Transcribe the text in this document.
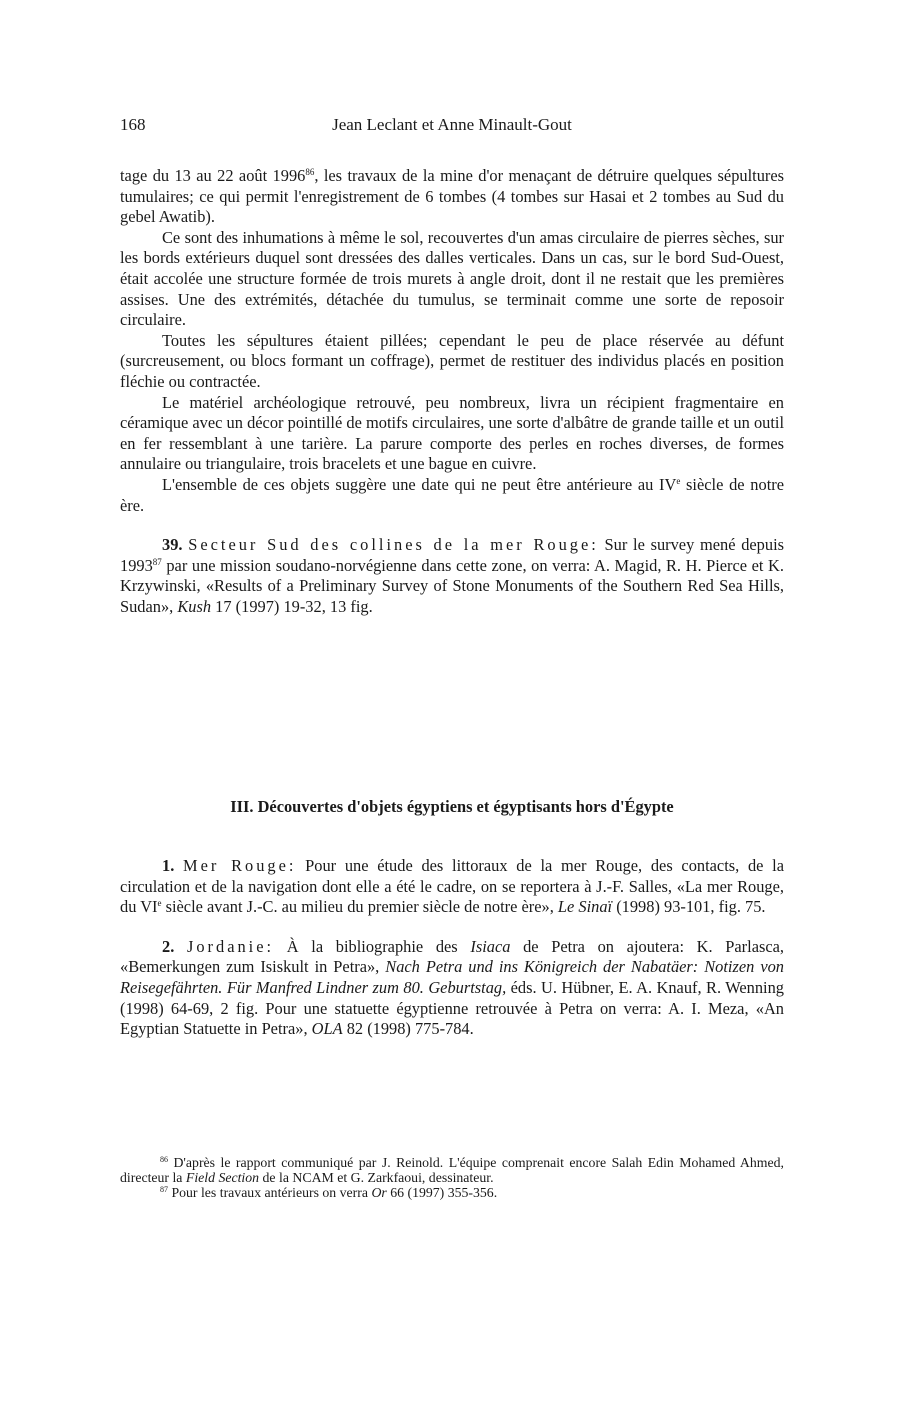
168	Jean Leclant et Anne Minault-Gout

tage du 13 au 22 août 1996$^{86}$, les travaux de la mine d'or menaçant de détruire quelques sépultures tumulaires; ce qui permit l'enregistrement de 6 tombes (4 tombes sur Hasai et 2 tombes au Sud du gebel Awatib).

Ce sont des inhumations à même le sol, recouvertes d'un amas circulaire de pierres sèches, sur les bords extérieurs duquel sont dressées des dalles verticales. Dans un cas, sur le bord Sud-Ouest, était accolée une structure formée de trois murets à angle droit, dont il ne restait que les premières assises. Une des extrémités, détachée du tumulus, se terminait comme une sorte de reposoir circulaire.

Toutes les sépultures étaient pillées; cependant le peu de place réservée au défunt (surcreusement, ou blocs formant un coffrage), permet de restituer des individus placés en position fléchie ou contractée.

Le matériel archéologique retrouvé, peu nombreux, livra un récipient fragmentaire en céramique avec un décor pointillé de motifs circulaires, une sorte d'albâtre de grande taille et un outil en fer ressemblant à une tarière. La parure comporte des perles en roches diverses, de formes annulaire ou triangulaire, trois bracelets et une bague en cuivre.

L'ensemble de ces objets suggère une date qui ne peut être antérieure au IVe siècle de notre ère.

39. Secteur Sud des collines de la mer Rouge: Sur le survey mené depuis 1993$^{87}$ par une mission soudano-norvégienne dans cette zone, on verra: A. Magid, R. H. Pierce et K. Krzywinski, «Results of a Preliminary Survey of Stone Monuments of the Southern Red Sea Hills, Sudan», Kush 17 (1997) 19-32, 13 fig.

III. Découvertes d'objets égyptiens et égyptisants hors d'Égypte

1. Mer Rouge: Pour une étude des littoraux de la mer Rouge, des contacts, de la circulation et de la navigation dont elle a été le cadre, on se reportera à J.-F. Salles, «La mer Rouge, du VIe siècle avant J.-C. au milieu du premier siècle de notre ère», Le Sinaï (1998) 93-101, fig. 75.

2. Jordanie: À la bibliographie des Isiaca de Petra on ajoutera: K. Parlasca, «Bemerkungen zum Isiskult in Petra», Nach Petra und ins Königreich der Nabatäer: Notizen von Reisegefährten. Für Manfred Lindner zum 80. Geburtstag, éds. U. Hübner, E. A. Knauf, R. Wenning (1998) 64-69, 2 fig. Pour une statuette égyptienne retrouvée à Petra on verra: A. I. Meza, «An Egyptian Statuette in Petra», OLA 82 (1998) 775-784.

$^{86}$ D'après le rapport communiqué par J. Reinold. L'équipe comprenait encore Salah Edin Mohamed Ahmed, directeur la Field Section de la NCAM et G. Zarkfaoui, dessinateur.

$^{87}$ Pour les travaux antérieurs on verra Or 66 (1997) 355-356.
